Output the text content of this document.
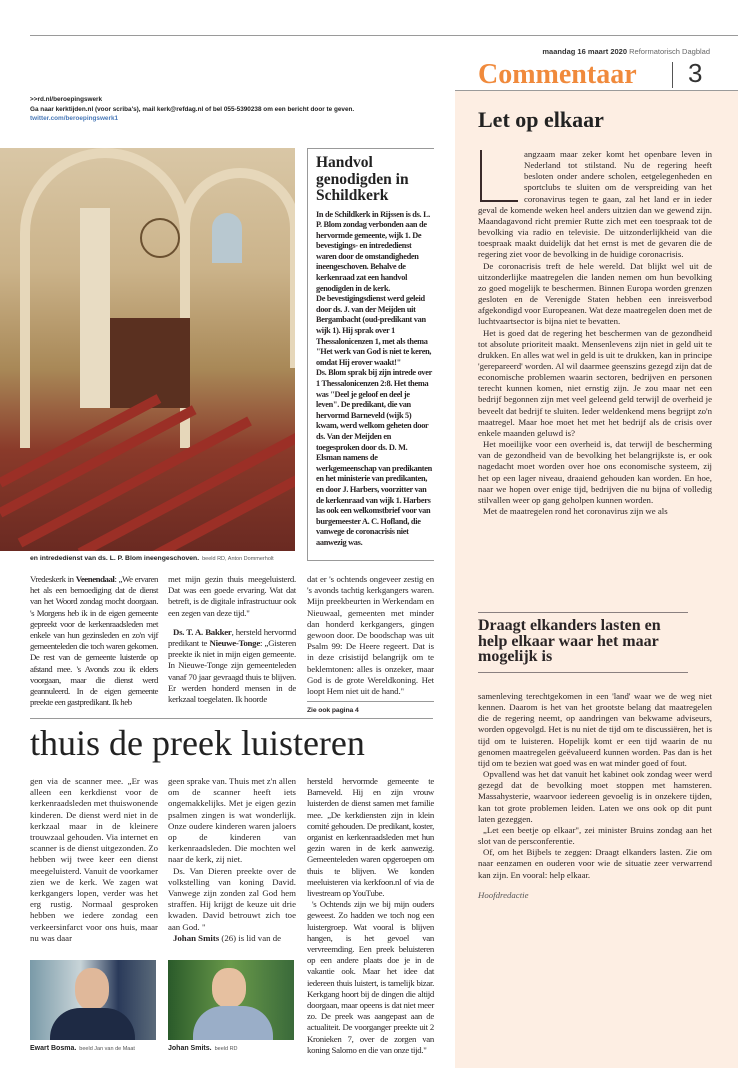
maandag 16 maart 2020 Reformatorisch Dagblad
Commentaar 3
>>rd.nl/beroepingswerk
Ga naar kerktijden.nl (voor scriba's), mail kerk@refdag.nl of bel 055-5390238 om een bericht door te geven.
twitter.com/beroepingswerk1
en intrededienst van ds. L. P. Blom ineengeschoven. beeld RD, Anton Dommerholt
Handvol genodigden in Schildkerk
In de Schildkerk in Rijssen is ds. L. P. Blom zondag verbonden aan de hervormde gemeente, wijk 1. De bevestigings- en intrededienst waren door de omstandigheden ineengeschoven. Behalve de kerkenraad zat een handvol genodigden in de kerk.
De bevestigingsdienst werd geleid door ds. J. van der Meijden uit Bergambacht (oud-predikant van wijk 1). Hij sprak over 1 Thessalonicenzen 1, met als thema "Het werk van God is niet te keren, omdat Hij erover waakt!"
Ds. Blom sprak bij zijn intrede over 1 Thessalonicenzen 2:8. Het thema was "Deel je geloof en deel je leven". De predikant, die van hervormd Barneveld (wijk 5) kwam, werd welkom geheten door ds. Van der Meijden en toegesproken door ds. D. M. Elsman namens de werkgemeenschap van predikanten en het ministerie van predikanten, en door J. Harbers, voorzitter van de kerkenraad van wijk 1. Harbers las ook een welkomstbrief voor van burgemeester A. C. Hofland, die vanwege de coronacrisis niet aanwezig was.

Vredeskerk in Veenendaal: „We ervaren het als een bemoediging dat de dienst van het Woord zondag mocht doorgaan. 's Morgens heb ik in de eigen gemeente gepreekt voor de kerkenraadsleden met enkele van hun gezinsleden en zo'n vijf gemeenteleden die toch waren gekomen. De rest van de gemeente luisterde op afstand mee. 's Avonds zou ik elders voorgaan, maar die dienst werd geannuleerd. In de eigen gemeente preekte een gastpredikant. Ik heb

met mijn gezin thuis meegeluisterd. Dat was een goede ervaring. Wat dat betreft, is de digitale infrastructuur ook een zegen van deze tijd."

Ds. T. A. Bakker, hersteld hervormd predikant te Nieuwe-Tonge: „Gisteren preekte ik niet in mijn eigen gemeente. In Nieuwe-Tonge zijn gemeenteleden vanaf 70 jaar gevraagd thuis te blijven. Er werden honderd mensen in de kerkzaal toegelaten. Ik hoorde

dat er 's ochtends ongeveer zestig en 's avonds tachtig kerkgangers waren. Mijn preekbeurten in Werkendam en Nieuwaal, gemeenten met minder dan honderd kerkgangers, gingen gewoon door. De boodschap was uit Psalm 99: De Heere regeert. Dat is in deze crisistijd belangrijk om te beklemtonen: alles is onzeker, maar God is de grote Wereldkoning. Het loopt Hem niet uit de hand."

Zie ook pagina 4
thuis de preek luisteren

gen via de scanner mee. „Er was alleen een kerkdienst voor de kerkenraadsleden met thuiswonende kinderen. De dienst werd niet in de kerkzaal maar in de kleinere trouwzaal gehouden. Via internet en scanner is de dienst uitgezonden. Zo hebben wij twee keer een dienst meegeluisterd. Vanuit de voorkamer zien we de kerk. We zagen wat kerkgangers lopen, verder was het erg rustig. Normaal gesproken hebben we iedere zondag een verkeersinfarct voor ons huis, maar nu was daar

geen sprake van. Thuis met z'n allen om de scanner heeft iets ongemakkelijks. Met je eigen gezin psalmen zingen is wat wonderlijk. Onze oudere kinderen waren jaloers op de kinderen van kerkenraadsleden. Die mochten wel naar de kerk, zij niet.

Ds. Van Dieren preekte over de volkstelling van koning David. Vanwege zijn zonden zal God hem straffen. Hij krijgt de keuze uit drie kwaden. David betrouwt zich toe aan God. "

Johan Smits (26) is lid van de

hersteld hervormde gemeente te Barneveld. Hij en zijn vrouw luisterden de dienst samen met familie mee. „De kerkdiensten zijn in klein comité gehouden. De predikant, koster, organist en kerkenraadsleden met hun gezin waren in de kerk aanwezig. Gemeenteleden waren opgeroepen om thuis te blijven. We konden meeluisteren via kerkfoon.nl of via de livestream op YouTube.

's Ochtends zijn we bij mijn ouders geweest. Zo hadden we toch nog een luistergroep. Wat vooral is blijven hangen, is het gevoel van vervreemding. Een preek beluisteren op een andere plaats doe je in de vakantie ook. Maar het idee dat iedereen thuis luistert, is tamelijk bizar. Kerkgang hoort bij de dingen die altijd doorgaan, maar opeens is dat niet meer zo. De preek was aangepast aan de actualiteit. De voorganger preekte uit 2 Kronieken 7, over de zorgen van koning Salomo en die van onze tijd."

Ewart Bosma. beeld Jan van de Maat	Johan Smits. beeld RD
Let op elkaar

angzaam maar zeker komt het openbare leven in Nederland tot stilstand. Nu de regering heeft besloten onder andere scholen, eetgelegenheden en sportclubs te sluiten om de verspreiding van het coronavirus tegen te gaan, zal het land er in ieder geval de komende weken heel anders uitzien dan we gewend zijn. Maandagavond richt premier Rutte zich met een toespraak tot de bevolking via radio en televisie. De uitzonderlijkheid van die toespraak maakt duidelijk dat het ernst is met de gevaren die de regering ziet voor de bevolking in de huidige coronacrisis.

De coronacrisis treft de hele wereld. Dat blijkt wel uit de uitzonderlijke maatregelen die landen nemen om hun bevolking zo goed mogelijk te beschermen. Binnen Europa worden grenzen gesloten en de Verenigde Staten hebben een inreisverbod afgekondigd voor Europeanen. Wat deze maatregelen doen met de luchtvaartsector is bijna niet te bevatten.

Het is goed dat de regering het beschermen van de gezondheid tot absolute prioriteit maakt. Mensenlevens zijn niet in geld uit te drukken. En alles wat wel in geld is uit te drukken, kan in principe 'gerepareerd' worden. Al wil daarmee geenszins gezegd zijn dat de economische problemen waarin sectoren, bedrijven en personen terecht kunnen komen, niet ernstig zijn. Je zou maar net een bedrijf begonnen zijn met veel geleend geld terwijl de overheid je beveelt dat bedrijf te sluiten. Ieder weldenkend mens begrijpt zo'n maatregel. Maar hoe moet het met het bedrijf als de crisis over enkele maanden geluwd is?

Het moeilijke voor een overheid is, dat terwijl de bescherming van de gezondheid van de bevolking het belangrijkste is, er ook nagedacht moet worden over hoe ons economische systeem, zij het op een lager niveau, draaiend gehouden kan worden. En hoe, naar we hopen over enige tijd, bedrijven die nu bijna of volledig stilvallen weer op gang geholpen kunnen worden.

Met de maatregelen rond het coronavirus zijn we als

Draagt elkanders lasten en help elkaar waar het maar mogelijk is

samenleving terechtgekomen in een 'land' waar we de weg niet kennen. Daarom is het van het grootste belang dat maatregelen die de regering neemt, op aandringen van bekwame adviseurs, worden opgevolgd. Het is nu niet de tijd om te discussiëren, het is tijd om te luisteren. Hopelijk komt er een tijd waarin de nu genomen maatregelen geëvalueerd kunnen worden. Pas dan is het tijd om te bezien wat goed was en wat minder goed of fout.

Opvallend was het dat vanuit het kabinet ook zondag weer werd gezegd dat de bevolking moet stoppen met hamsteren. Massahysterie, waarvoor iedereen gevoelig is in onzekere tijden, kan tot grote problemen leiden. Laten we ons ook op dit punt laten gezeggen.

„Let een beetje op elkaar", zei minister Bruins zondag aan het slot van de persconferentie.

Of, om het Bijbels te zeggen: Draagt elkanders lasten. Zie om naar eenzamen en ouderen voor wie de situatie zeer verwarrend kan zijn. En vooral: help elkaar.

Hoofdredactie
